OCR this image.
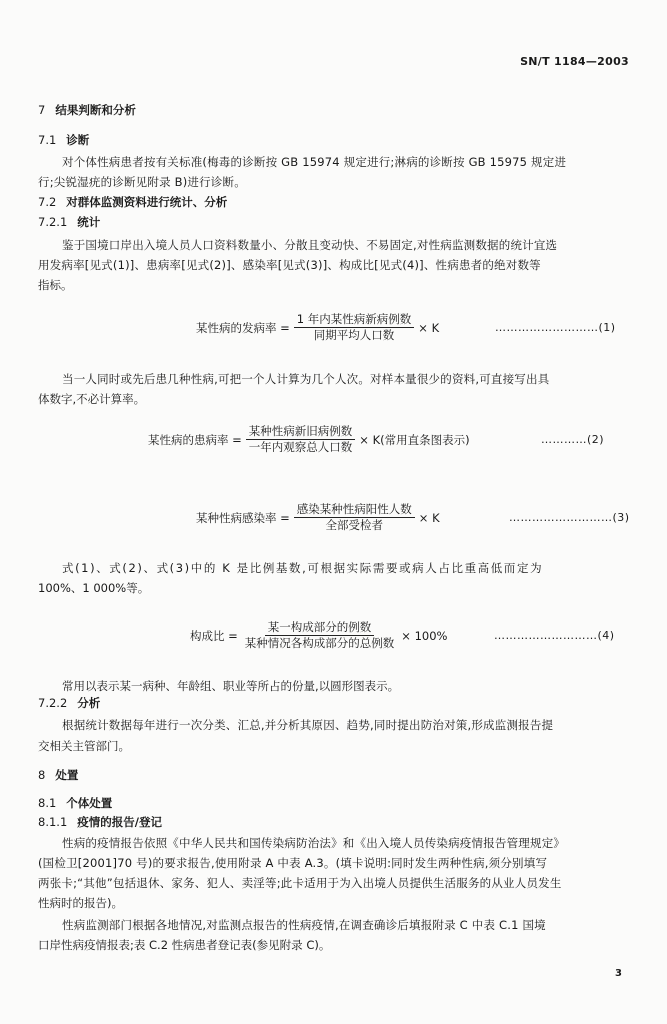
SN/T 1184—2003
7 结果判断和分析
7.1 诊断
对个体性病患者按有关标准(梅毒的诊断按 GB 15974 规定进行;淋病的诊断按 GB 15975 规定进
行;尖锐湿疣的诊断见附录 B)进行诊断。
7.2 对群体监测资料进行统计、分析
7.2.1 统计
鉴于国境口岸出入境人员人口资料数量小、分散且变动快、不易固定,对性病监测数据的统计宜选
用发病率[见式(1)]、患病率[见式(2)]、感染率[见式(3)]、构成比[见式(4)]、性病患者的绝对数等
指标。
某性病的发病率 = $\frac{\text{1 年内某性病新病例数}}{\text{同期平均人口数}} \times K$	………………………(1)
当一人同时或先后患几种性病,可把一个人计算为几个人次。对样本量很少的资料,可直接写出具
体数字,不必计算率。
某性病的患病率 = $\frac{\text{某种性病新旧病例数}}{\text{一年内观察总人口数}} \times K$(常用直条图表示)	…………(2)
某种性病感染率 = $\frac{\text{感染某种性病阳性人数}}{\text{全部受检者}} \times K$	………………………(3)
式(1)、式(2)、式(3)中的 K 是比例基数,可根据实际需要或病人占比重高低而定为
100%、1 000%等。
构成比 = $\frac{\text{某一构成部分的例数}}{\text{某种情况各构成部分的总例数}} \times 100\%$	………………………(4)
常用以表示某一病种、年龄组、职业等所占的份量,以圆形图表示。
7.2.2 分析
根据统计数据每年进行一次分类、汇总,并分析其原因、趋势,同时提出防治对策,形成监测报告提
交相关主管部门。
8 处置
8.1 个体处置
8.1.1 疫情的报告/登记
性病的疫情报告依照《中华人民共和国传染病防治法》和《出入境人员传染病疫情报告管理规定》
(国检卫[2001]70 号)的要求报告,使用附录 A 中表 A.3。(填卡说明:同时发生两种性病,须分别填写
两张卡;“其他”包括退休、家务、犯人、卖淫等;此卡适用于为入出境人员提供生活服务的从业人员发生
性病时的报告)。
性病监测部门根据各地情况,对监测点报告的性病疫情,在调查确诊后填报附录 C 中表 C.1 国境
口岸性病疫情报表;表 C.2 性病患者登记表(参见附录 C)。
3
